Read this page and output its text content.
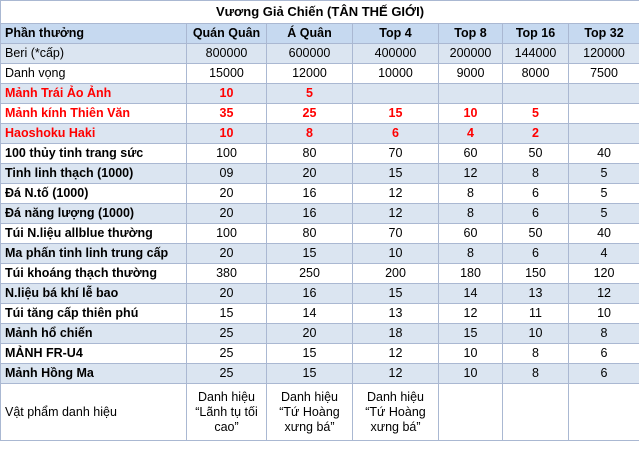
Vương Giả Chiến (TÂN THẾ GIỚI)						
Phần thưởng	Quán Quân	Á Quân	Top 4	Top 8	Top 16	Top 32
Beri (*cấp)	800000	600000	400000	200000	144000	120000
Danh vọng	15000	12000	10000	9000	8000	7500
Mảnh Trái Ảo Ảnh	10	5				
Mảnh kính Thiên Văn	35	25	15	10	5	
Haoshoku Haki	10	8	6	4	2	
100 thủy tinh trang sức	100	80	70	60	50	40
Tinh linh thạch (1000)	09	20	15	12	8	5
Đá N.tố (1000)	20	16	12	8	6	5
Đá năng lượng (1000)	20	16	12	8	6	5
Túi N.liệu allblue thường	100	80	70	60	50	40
Ma phấn tinh linh trung cấp	20	15	10	8	6	4
Túi khoáng thạch thường	380	250	200	180	150	120
N.liệu bá khí lễ bao	20	16	15	14	13	12
Túi tăng cấp thiên phú	15	14	13	12	11	10
Mảnh hổ chiến	25	20	18	15	10	8
MẢNH FR-U4	25	15	12	10	8	6
Mảnh Hồng Ma	25	15	12	10	8	6
Vật phẩm danh hiệu	Danh hiệu “Lãnh tụ tối cao”	Danh hiệu “Tứ Hoàng xưng bá”	Danh hiệu “Tứ Hoàng xưng bá”			
